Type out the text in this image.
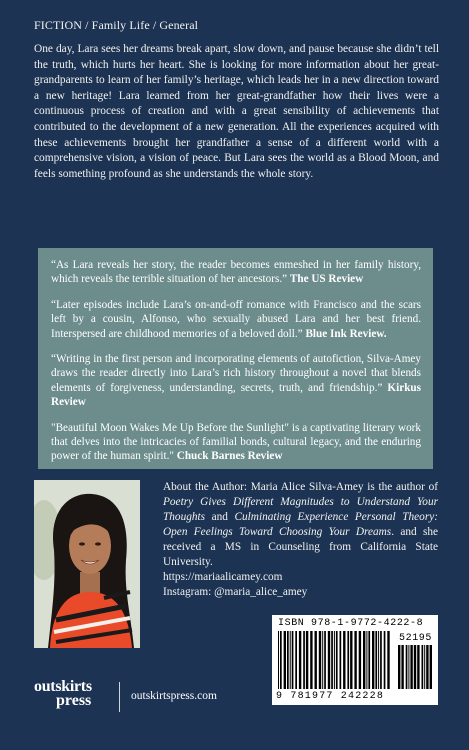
FICTION / Family Life / General
One day, Lara sees her dreams break apart, slow down, and pause because she didn’t tell the truth, which hurts her heart. She is looking for more information about her great-grandparents to learn of her family’s heritage, which leads her in a new direction toward a new heritage! Lara learned from her great-grandfather how their lives were a continuous process of creation and with a great sensibility of achievements that contributed to the development of a new generation. All the experiences acquired with these achievements brought her grandfather a sense of a different world with a comprehensive vision, a vision of peace. But Lara sees the world as a Blood Moon, and feels something profound as she understands the whole story.
“As Lara reveals her story, the reader becomes enmeshed in her family history, which reveals the terrible situation of her ancestors.” The US Review
“Later episodes include Lara’s on-and-off romance with Francisco and the scars left by a cousin, Alfonso, who sexually abused Lara and her best friend. Interspersed are childhood memories of a beloved doll.” Blue Ink Review.
“Writing in the first person and incorporating elements of autofiction, Silva-Amey draws the reader directly into Lara’s rich history throughout a novel that blends elements of forgiveness, understanding, secrets, truth, and friendship.” Kirkus Review
"Beautiful Moon Wakes Me Up Before the Sunlight" is a captivating literary work that delves into the intricacies of familial bonds, cultural legacy, and the enduring power of the human spirit." Chuck Barnes Review
About the Author: Maria Alice Silva-Amey is the author of Poetry Gives Different Magnitudes to Understand Your Thoughts and Culminating Experience Personal Theory: Open Feelings Toward Choosing Your Dreams. and she received a MS in Counseling from California State University.
https://mariaalicamey.com
Instagram: @maria_alice_amey
ISBN 978-1-9772-4222-8
52195
9 781977 242228
outskirts
press	outskirtspress.com
